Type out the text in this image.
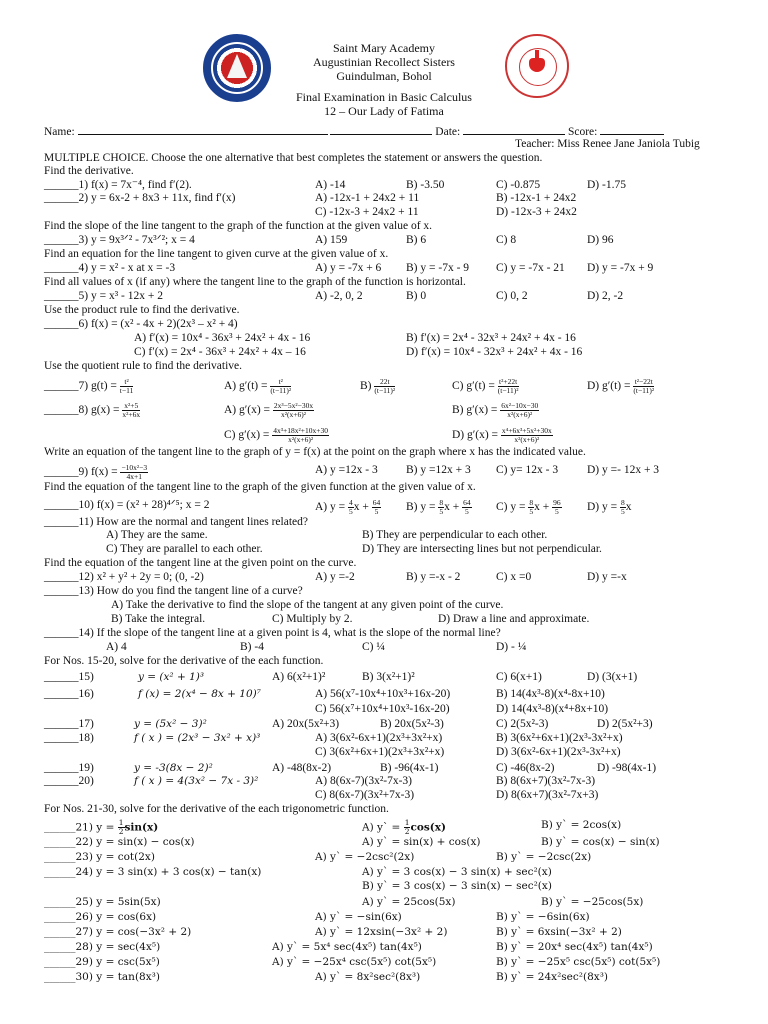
Saint Mary Academy
Augustinian Recollect Sisters
Guindulman, Bohol
Final Examination in Basic Calculus
12 – Our Lady of Fatima
Name:	Date:	Score:
Teacher: Miss Renee Jane Janiola Tubig
MULTIPLE CHOICE. Choose the one alternative that best completes the statement or answers the question.
Find the derivative.
______1) f(x) = 7x⁻⁴, find f′(2).	A) -14	B) -3.50	C) -0.875	D) -1.75
______2) y = 6x-2 + 8x3 + 11x, find f′(x)	A) -12x-1 + 24x2 + 11	B) -12x-1 + 24x2
C) -12x-3 + 24x2 + 11	D) -12x-3 + 24x2
Find the slope of the line tangent to the graph of the function at the given value of x.
______3) y = 9x³ᐟ² - 7x³ᐟ²; x = 4	A) 159	B) 6	C) 8	D) 96
Find an equation for the line tangent to given curve at the given value of x.
______4) y = x² - x at x = -3	A) y = -7x + 6 B) y = -7x - 9 C) y = -7x - 21 D) y = -7x + 9
Find all values of x (if any) where the tangent line to the graph of the function is horizontal.
______5) y = x³ - 12x + 2	A) -2, 0, 2	B) 0	C) 0, 2	D) 2, -2
Use the product rule to find the derivative.
______6) f(x) = (x² - 4x + 2)(2x³ – x² + 4)
A) f′(x) = 10x⁴ - 36x³ + 24x² + 4x - 16	B) f′(x) = 2x⁴ - 32x³ + 24x² + 4x - 16
C) f′(x) = 2x⁴ - 36x³ + 24x² + 4x – 16	D) f′(x) = 10x⁴ - 32x³ + 24x² + 4x - 16
Use the quotient rule to find the derivative.
______7) $g(t) = \frac{\text{t²}}{t-11}$	A) $g'(t) = \frac{\text{t²}}{\text{(t−11)²}}$	$B) \frac{22t}{\text{(t−11)²}}$	C) $g'(t) = \frac{\text{t²+22t}}{\text{(t−11)²}}$	D) $g'(t) = \frac{\text{t²−22t}}{\text{(t−11)²}}$
______8) $g(x) = \frac{\text{x²+5}}{\text{x²+6x}}$	A) $g'(x) = \frac{\text{2x³−5x²−30x}}{\text{x²(x+6)²}}$	B) $g'(x) = \frac{\text{6x²−10x−30}}{\text{x²(x+6)²}}$
C) $g'(x) = \frac{\text{4x³+18x²+10x+30}}{\text{x²(x+6)²}}$	D) $g'(x) = \frac{\text{x⁴+6x³+5x²+30x}}{\text{x²(x+6)²}}$
Write an equation of the tangent line to the graph of y = f(x) at the point on the graph where x has the indicated value.
______9) $f(x) = \frac{\text{−10x²−3}}{4x+1}$	A) y =12x - 3 B) y =12x + 3 C) y= 12x - 3	D) y =- 12x + 3
Find the equation of the tangent line to the graph of the given function at the given value of x.
______10) f(x) = (x² + 28)⁴ᐟ⁵; x = 2	A) $y = \frac{4}{5}$ $x + \frac{64}{5} B$) $y = \frac{8}{5}$ $x + \frac{64}{5} C$) $y = \frac{8}{5}$ $x + \frac{96}{5} D$) $y = \frac{8}{5}$ x
______11) How are the normal and tangent lines related?
A) They are the same.	B) They are perpendicular to each other.
C) They are parallel to each other.	D) They are intersecting lines but not perpendicular.
Find the equation of the tangent line at the given point on the curve.
______12) x² + y² + 2y = 0; (0, -2)	A) y =-2	B) y =-x - 2	C) x =0	D) y =-x
______13) How do you find the tangent line of a curve?
A) Take the derivative to find the slope of the tangent at any given point of the curve.
B) Take the integral.	C) Multiply by 2.	D) Draw a line and approximate.
______14) If the slope of the tangent line at a given point is 4, what is the slope of the normal line?
A) 4	B) -4	C) ¼	D) - ¼
For Nos. 15-20, solve for the derivative of the each function.
______15)	y = (x² + 1)³	A) 6(x²+1)²	B) 3(x²+1)²	C) 6(x+1)	D) (3(x+1)
______16)	f (x) = 2(x⁴ − 8x + 10)⁷	A) 56(x⁷-10x⁴+10x³+16x-20)	B) 14(4x³-8)(x⁴-8x+10)
C) 56(x⁷+10x⁴+10x³-16x-20)	D) 14(4x³-8)(x⁴+8x+10)
______17)	y = (5x² − 3)²	A) 20x(5x²+3)	B) 20x(5x²-3)	C) 2(5x²-3)	D) 2(5x²+3)
______18)	f ( x ) = (2x³ − 3x² + x)³	A) 3(6x²-6x+1)(2x³+3x²+x)	B) 3(6x²+6x+1)(2x³-3x²+x)
C) 3(6x²+6x+1)(2x³+3x²+x)	D) 3(6x²-6x+1)(2x³-3x²+x)
______19)	y = -3(8x − 2)²	A) -48(8x-2)	B) -96(4x-1)	C) -46(8x-2)	D) -98(4x-1)
______20)	f ( x ) = 4(3x² − 7x - 3)²	A) 8(6x-7)(3x²-7x-3)	B) 8(6x+7)(3x²-7x-3)
C) 8(6x-7)(3x²+7x-3)	D) 8(6x+7)(3x²-7x+3)
For Nos. 21-30, solve for the derivative of the each trigonometric function.
______21) $y = \frac{1}{2} \sin(x)$	A) y` = $\frac{1}{2} \cos(x)$	B) y` = 2cos(x)
______22) y = sin(x) − cos(x)	A) y` = sin(x) + cos(x)	B) y` = cos(x) − sin(x)
______23) y = cot(2x)	A) y` = −2csc²(2x)	B) y` = −2csc(2x)
______24) y = 3 sin(x) + 3 cos(x) − tan(x)	A) y` = 3 cos(x) − 3 sin(x) + sec²(x)
B) y` = 3 cos(x) − 3 sin(x) − sec²(x)
______25) y = 5sin(5x)	A) y` = 25cos(5x)	B) y` = −25cos(5x)
______26) y = cos(6x)	A) y` = −sin(6x)	B) y` = −6sin(6x)
______27) y = cos(−3x² + 2)	A) y` = 12xsin(−3x² + 2)	B) y` = 6xsin(−3x² + 2)
______28) y = sec(4x⁵)	A) y` = 5x⁴ sec(4x⁵) tan(4x⁵)	B) y` = 20x⁴ sec(4x⁵) tan(4x⁵)
______29) y = csc(5x⁵)	A) y` = −25x⁴ csc(5x⁵) cot(5x⁵)	B) y` = −25x⁵ csc(5x⁵) cot(5x⁵)
______30) y = tan(8x³)	A) y` = 8x²sec²(8x³)	B) y` = 24x²sec²(8x³)
